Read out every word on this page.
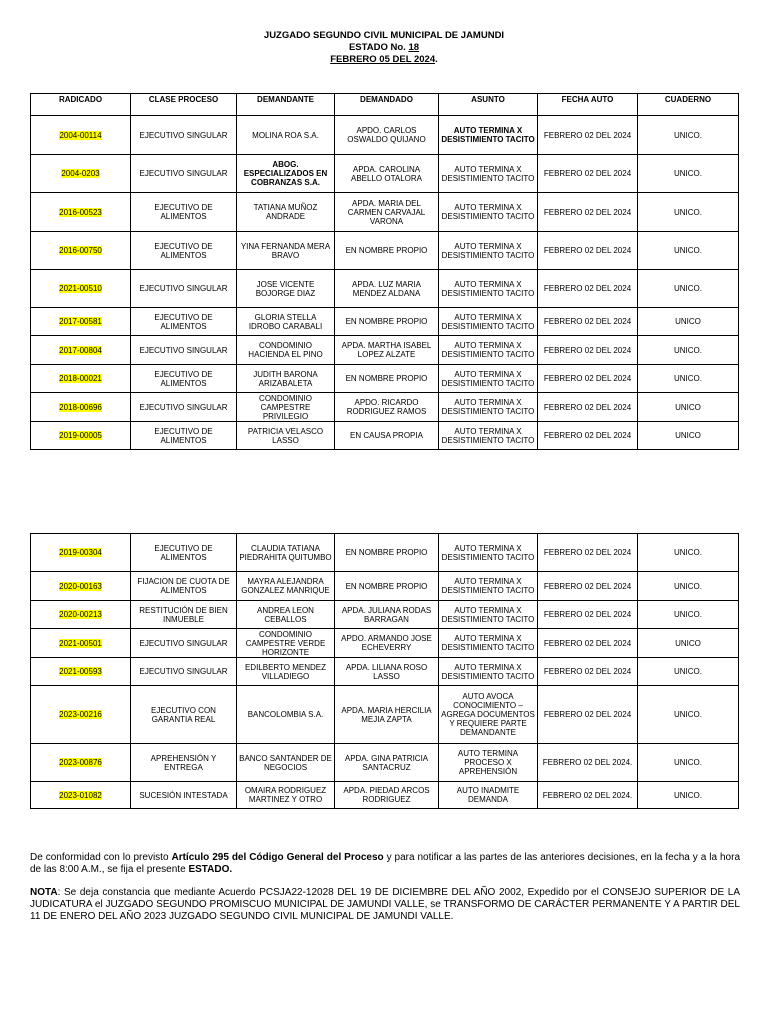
JUZGADO SEGUNDO CIVIL MUNICIPAL DE JAMUNDI
ESTADO No. 18
FEBRERO 05 DEL 2024.
RADICADO	CLASE PROCESO	DEMANDANTE	DEMANDADO	ASUNTO	FECHA AUTO	CUADERNO
2004-00114	EJECUTIVO SINGULAR	MOLINA ROA S.A.	APDO. CARLOS OSWALDO QUIJANO	AUTO TERMINA X DESISTIMIENTO TACITO	FEBRERO 02 DEL 2024	UNICO.
2004-0203	EJECUTIVO SINGULAR	ABOG. ESPECIALIZADOS EN COBRANZAS S.A.	APDA. CAROLINA ABELLO OTALORA	AUTO TERMINA X DESISTIMIENTO TACITO	FEBRERO 02 DEL 2024	UNICO.
2016-00523	EJECUTIVO DE ALIMENTOS	TATIANA MUÑOZ ANDRADE	APDA. MARIA DEL CARMEN CARVAJAL VARONA	AUTO TERMINA X DESISTIMIENTO TACITO	FEBRERO 02 DEL 2024	UNICO.
2016-00750	EJECUTIVO DE ALIMENTOS	YINA FERNANDA MERA BRAVO	EN NOMBRE PROPIO	AUTO TERMINA X DESISTIMIENTO TACITO	FEBRERO 02 DEL 2024	UNICO.
2021-00510	EJECUTIVO SINGULAR	JOSE VICENTE BOJORGE DIAZ	APDA. LUZ MARIA MENDEZ ALDANA	AUTO TERMINA X DESISTIMIENTO TACITO	FEBRERO 02 DEL 2024	UNICO.
2017-00581	EJECUTIVO DE ALIMENTOS	GLORIA STELLA IDROBO CARABALI	EN NOMBRE PROPIO	AUTO TERMINA X DESISTIMIENTO TACITO	FEBRERO 02 DEL 2024	UNICO
2017-00804	EJECUTIVO SINGULAR	CONDOMINIO HACIENDA EL PINO	APDA. MARTHA ISABEL LOPEZ ALZATE	AUTO TERMINA X DESISTIMIENTO TACITO	FEBRERO 02 DEL 2024	UNICO.
2018-00021	EJECUTIVO DE ALIMENTOS	JUDITH BARONA ARIZABALETA	EN NOMBRE PROPIO	AUTO TERMINA X DESISTIMIENTO TACITO	FEBRERO 02 DEL 2024	UNICO.
2018-00696	EJECUTIVO SINGULAR	CONDOMINIO CAMPESTRE PRIVILEGIO	APDO. RICARDO RODRIGUEZ RAMOS	AUTO TERMINA X DESISTIMIENTO TACITO	FEBRERO 02 DEL 2024	UNICO
2019-00005	EJECUTIVO DE ALIMENTOS	PATRICIA VELASCO LASSO	EN CAUSA PROPIA	AUTO TERMINA X DESISTIMIENTO TACITO	FEBRERO 02 DEL 2024	UNICO
2019-00304	EJECUTIVO DE ALIMENTOS	CLAUDIA TATIANA PIEDRAHITA QUITUMBO	EN NOMBRE PROPIO	AUTO TERMINA X DESISTIMIENTO TACITO	FEBRERO 02 DEL 2024	UNICO.
2020-00163	FIJACION DE CUOTA DE ALIMENTOS	MAYRA ALEJANDRA GONZALEZ MANRIQUE	EN NOMBRE PROPIO	AUTO TERMINA X DESISTIMIENTO TACITO	FEBRERO 02 DEL 2024	UNICO.
2020-00213	RESTITUCIÓN DE BIEN INMUEBLE	ANDREA LEON CEBALLOS	APDA. JULIANA RODAS BARRAGAN	AUTO TERMINA X DESISTIMIENTO TACITO	FEBRERO 02 DEL 2024	UNICO.
2021-00501	EJECUTIVO SINGULAR	CONDOMINIO CAMPESTRE VERDE HORIZONTE	APDO. ARMANDO JOSE ECHEVERRY	AUTO TERMINA X DESISTIMIENTO TACITO	FEBRERO 02 DEL 2024	UNICO
2021-00593	EJECUTIVO SINGULAR	EDILBERTO MENDEZ VILLADIEGO	APDA. LILIANA ROSO LASSO	AUTO TERMINA X DESISTIMIENTO TACITO	FEBRERO 02 DEL 2024	UNICO.
2023-00216	EJECUTIVO CON GARANTIA REAL	BANCOLOMBIA S.A.	APDA. MARIA HERCILIA MEJIA ZAPTA	AUTO AVOCA CONOCIMIENTO – AGREGA DOCUMENTOS Y REQUIERE PARTE DEMANDANTE	FEBRERO 02 DEL 2024	UNICO.
2023-00876	APREHENSIÓN Y ENTREGA	BANCO SANTANDER DE NEGOCIOS	APDA. GINA PATRICIA SANTACRUZ	AUTO TERMINA PROCESO X APREHENSIÓN	FEBRERO 02 DEL 2024.	UNICO.
2023-01082	SUCESIÓN INTESTADA	OMAIRA RODRIGUEZ MARTINEZ Y OTRO	APDA. PIEDAD ARCOS RODRIGUEZ	AUTO INADMITE DEMANDA	FEBRERO 02 DEL 2024.	UNICO.
De conformidad con lo previsto Artículo 295 del Código General del Proceso y para notificar a las partes de las anteriores decisiones, en la fecha y a la hora de las 8:00 A.M., se fija el presente ESTADO.
NOTA: Se deja constancia que mediante Acuerdo PCSJA22-12028 DEL 19 DE DICIEMBRE DEL AÑO 2002, Expedido por el CONSEJO SUPERIOR DE LA JUDICATURA el JUZGADO SEGUNDO PROMISCUO MUNICIPAL DE JAMUNDI VALLE, se TRANSFORMO DE CARÁCTER PERMANENTE Y A PARTIR DEL 11 DE ENERO DEL AÑO 2023 JUZGADO SEGUNDO CIVIL MUNICIPAL DE JAMUNDI VALLE.
